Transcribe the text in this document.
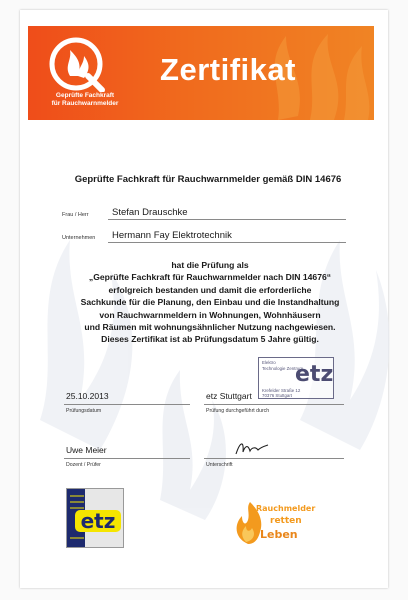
Geprüfte Fachkraft
für Rauchwarnmelder
Zertifikat
Geprüfte Fachkraft für Rauchwarnmelder gemäß DIN 14676
Frau / Herr Stefan Drauschke
Unternehmen Hermann Fay Elektrotechnik
hat die Prüfung als
„Geprüfte Fachkraft für Rauchwarnmelder nach DIN 14676“
erfolgreich bestanden und damit die erforderliche
Sachkunde für die Planung, den Einbau und die Instandhaltung
von Rauchwarnmeldern in Wohnungen, Wohnhäusern
und Räumen mit wohnungsähnlicher Nutzung nachgewiesen.
Dieses Zertifikat ist ab Prüfungsdatum 5 Jahre gültig.
Elektro
Technologie Zentrum
Krefelder Straße 12
70376 Stuttgart
etz
25.10.2013
Prüfungsdatum
etz Stuttgart
Prüfung durchgeführt durch
Uwe Meier
Dozent / Prüfer	Unterschrift
etz
Rauchmelder
retten
Leben
